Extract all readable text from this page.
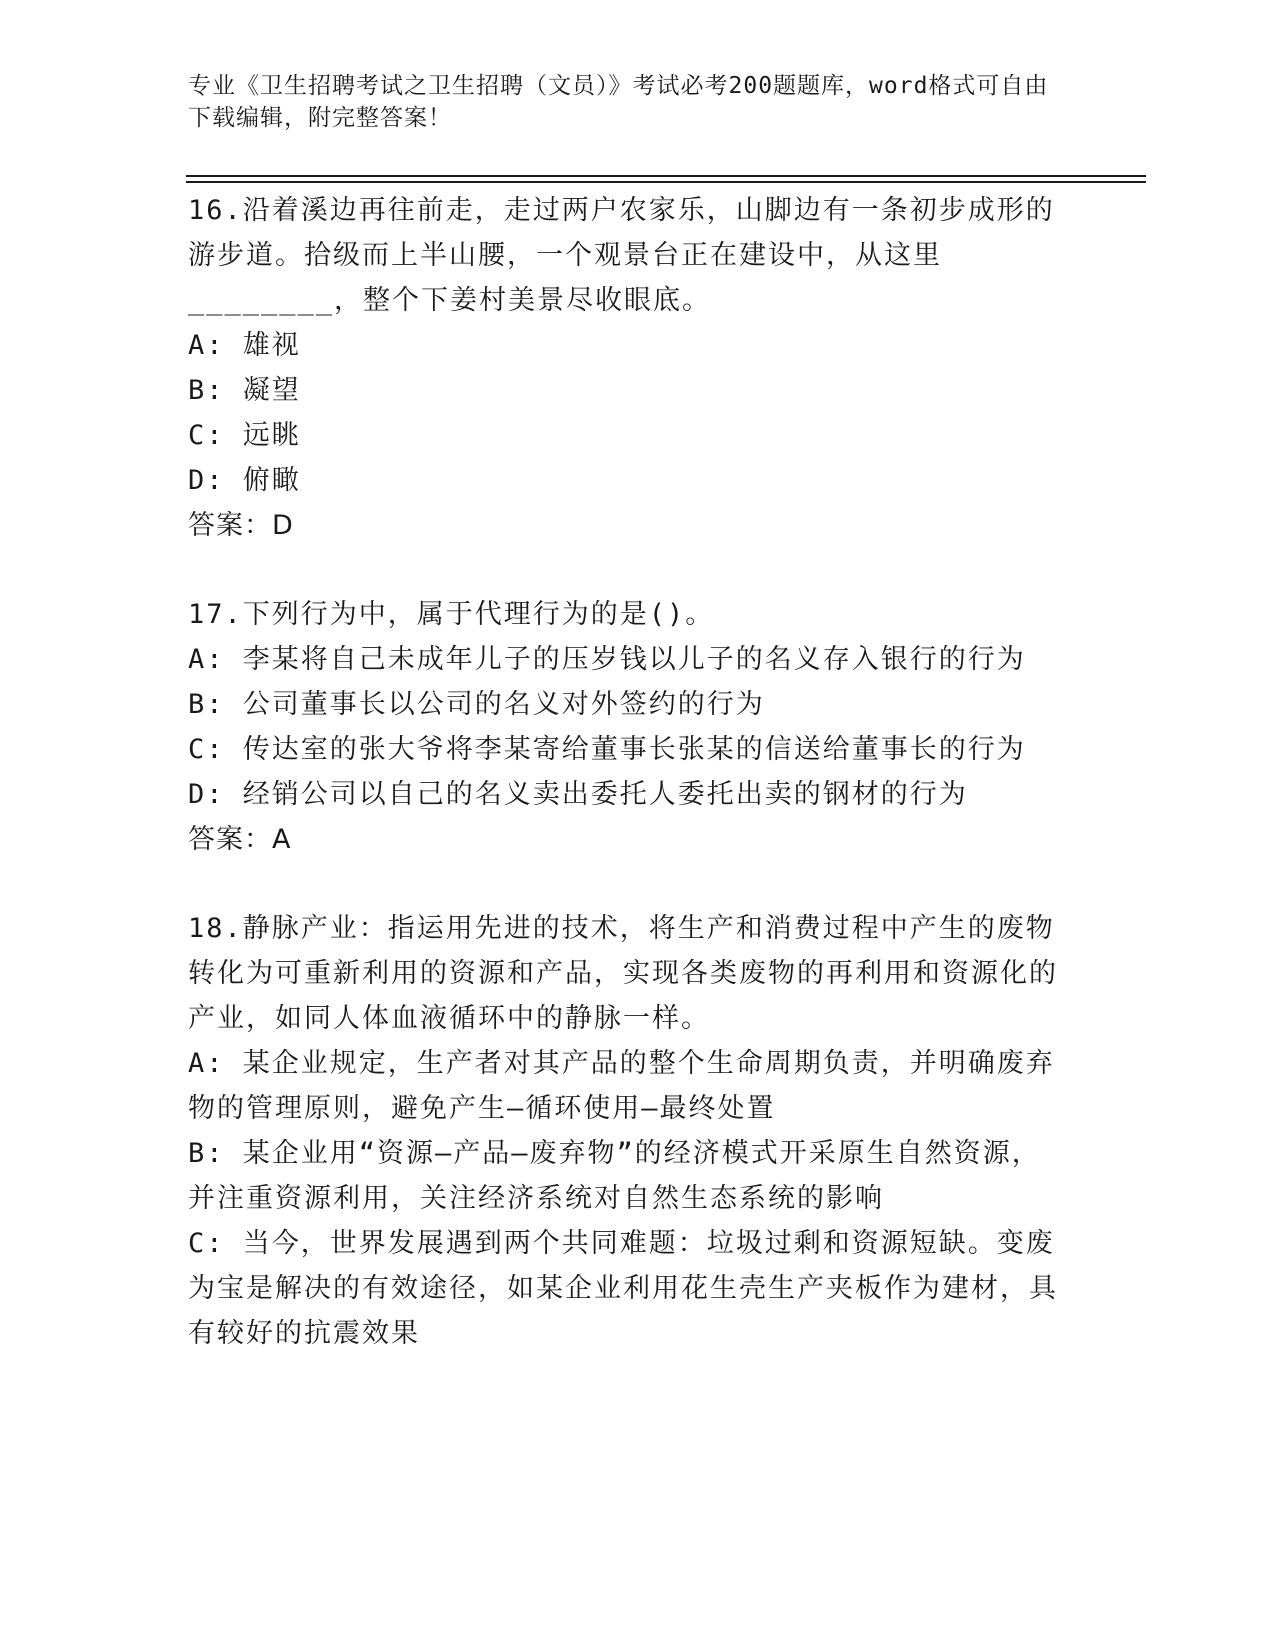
专业《卫生招聘考试之卫生招聘（文员）》考试必考200题题库，word格式可自由下载编辑，附完整答案！

16.沿着溪边再往前走，走过两户农家乐，山脚边有一条初步成形的游步道。拾级而上半山腰，一个观景台正在建设中，从这里________，整个下姜村美景尽收眼底。

A: 雄视

B: 凝望

C: 远眺

D: 俯瞰

答案：D

17.下列行为中，属于代理行为的是()。

A: 李某将自己未成年儿子的压岁钱以儿子的名义存入银行的行为

B: 公司董事长以公司的名义对外签约的行为

C: 传达室的张大爷将李某寄给董事长张某的信送给董事长的行为

D: 经销公司以自己的名义卖出委托人委托出卖的钢材的行为

答案：A

18.静脉产业：指运用先进的技术，将生产和消费过程中产生的废物转化为可重新利用的资源和产品，实现各类废物的再利用和资源化的产业，如同人体血液循环中的静脉一样。

A: 某企业规定，生产者对其产品的整个生命周期负责，并明确废弃物的管理原则，避免产生—循环使用—最终处置

B: 某企业用“资源—产品—废弃物”的经济模式开采原生自然资源，并注重资源利用，关注经济系统对自然生态系统的影响

C: 当今，世界发展遇到两个共同难题：垃圾过剩和资源短缺。变废为宝是解决的有效途径，如某企业利用花生壳生产夹板作为建材，具有较好的抗震效果
